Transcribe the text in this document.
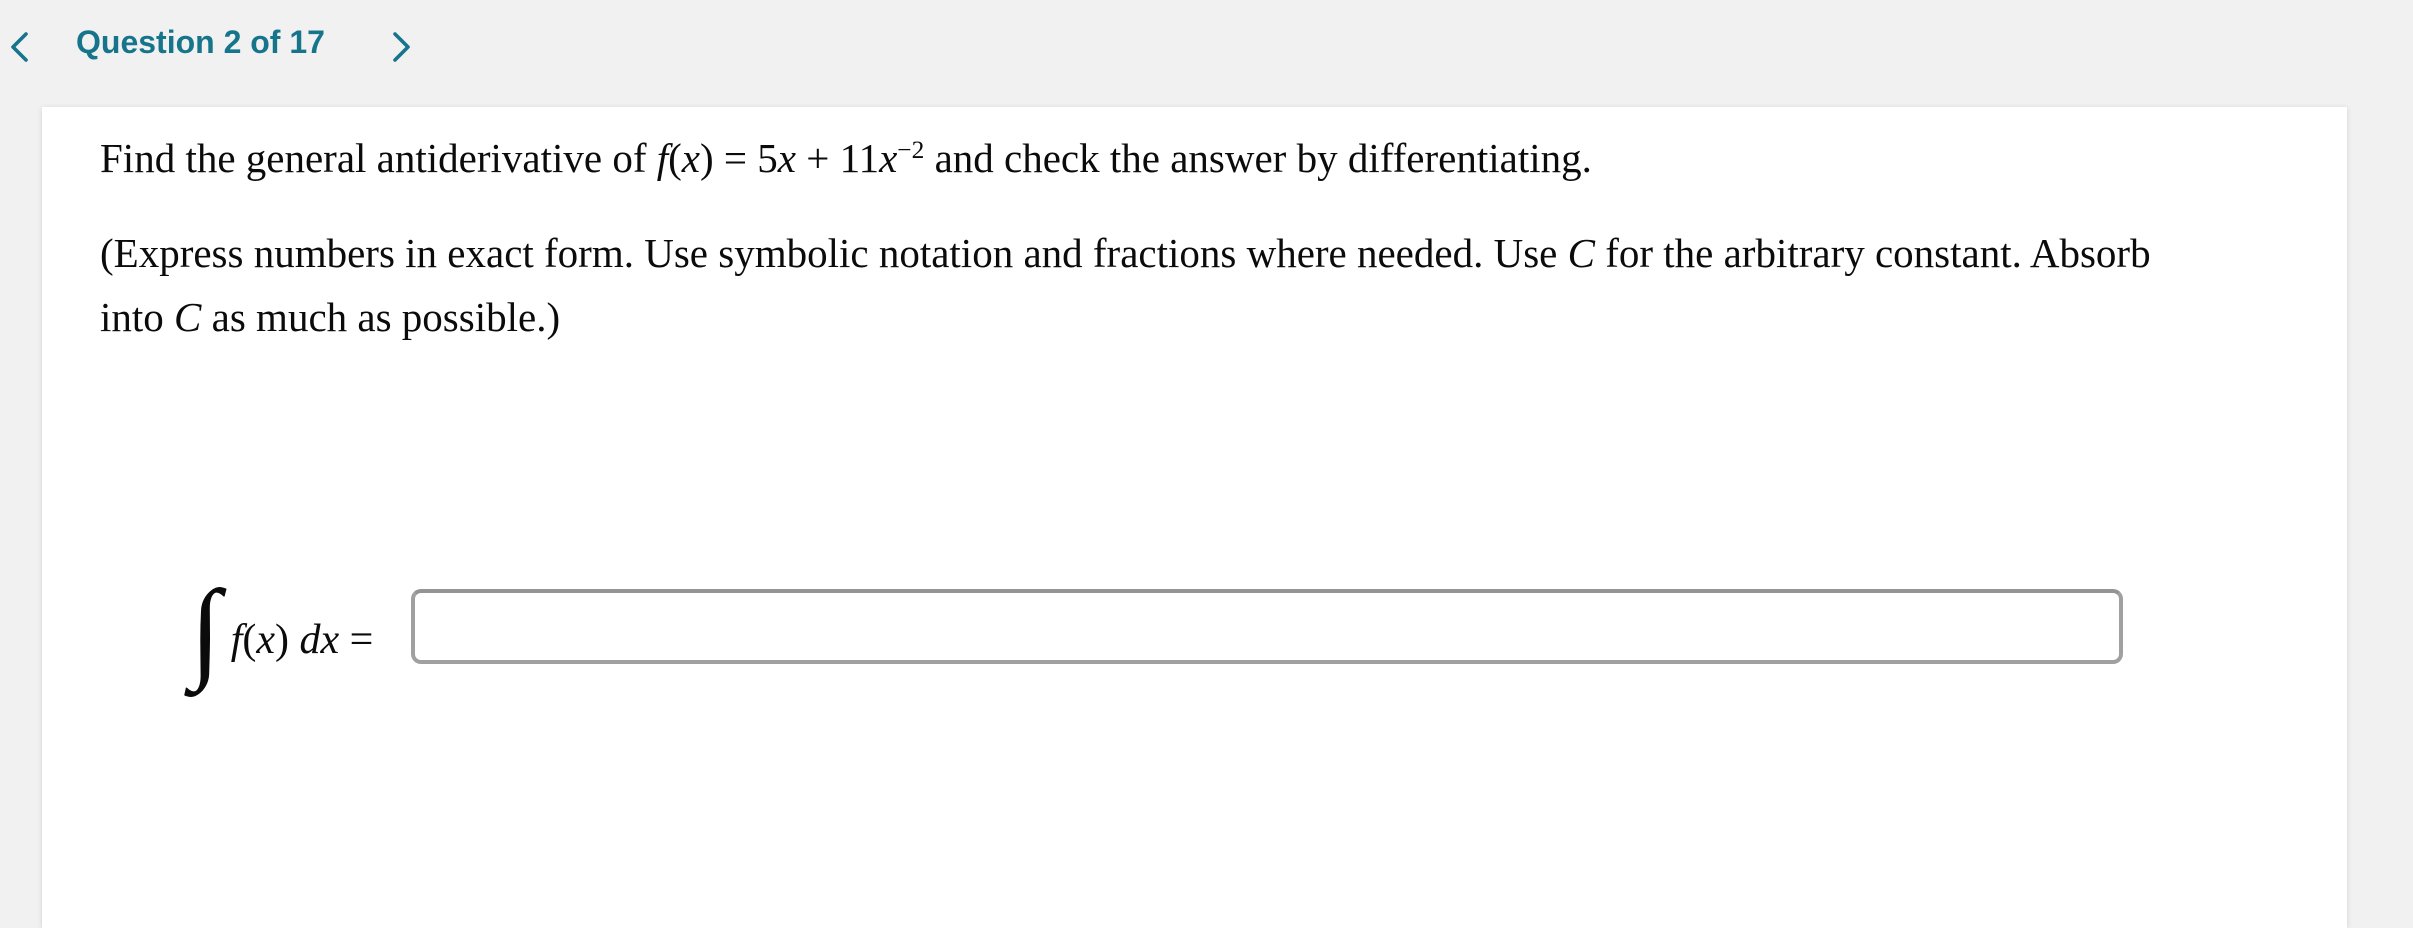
Question 2 of 17

Find the general antiderivative of $f(x) = 5x + 11x^{-2}$ and check the answer by differentiating.

(Express numbers in exact form. Use symbolic notation and fractions where needed. Use C for the arbitrary constant. Absorb
into C as much as possible.)

∫ f(x) dx =
